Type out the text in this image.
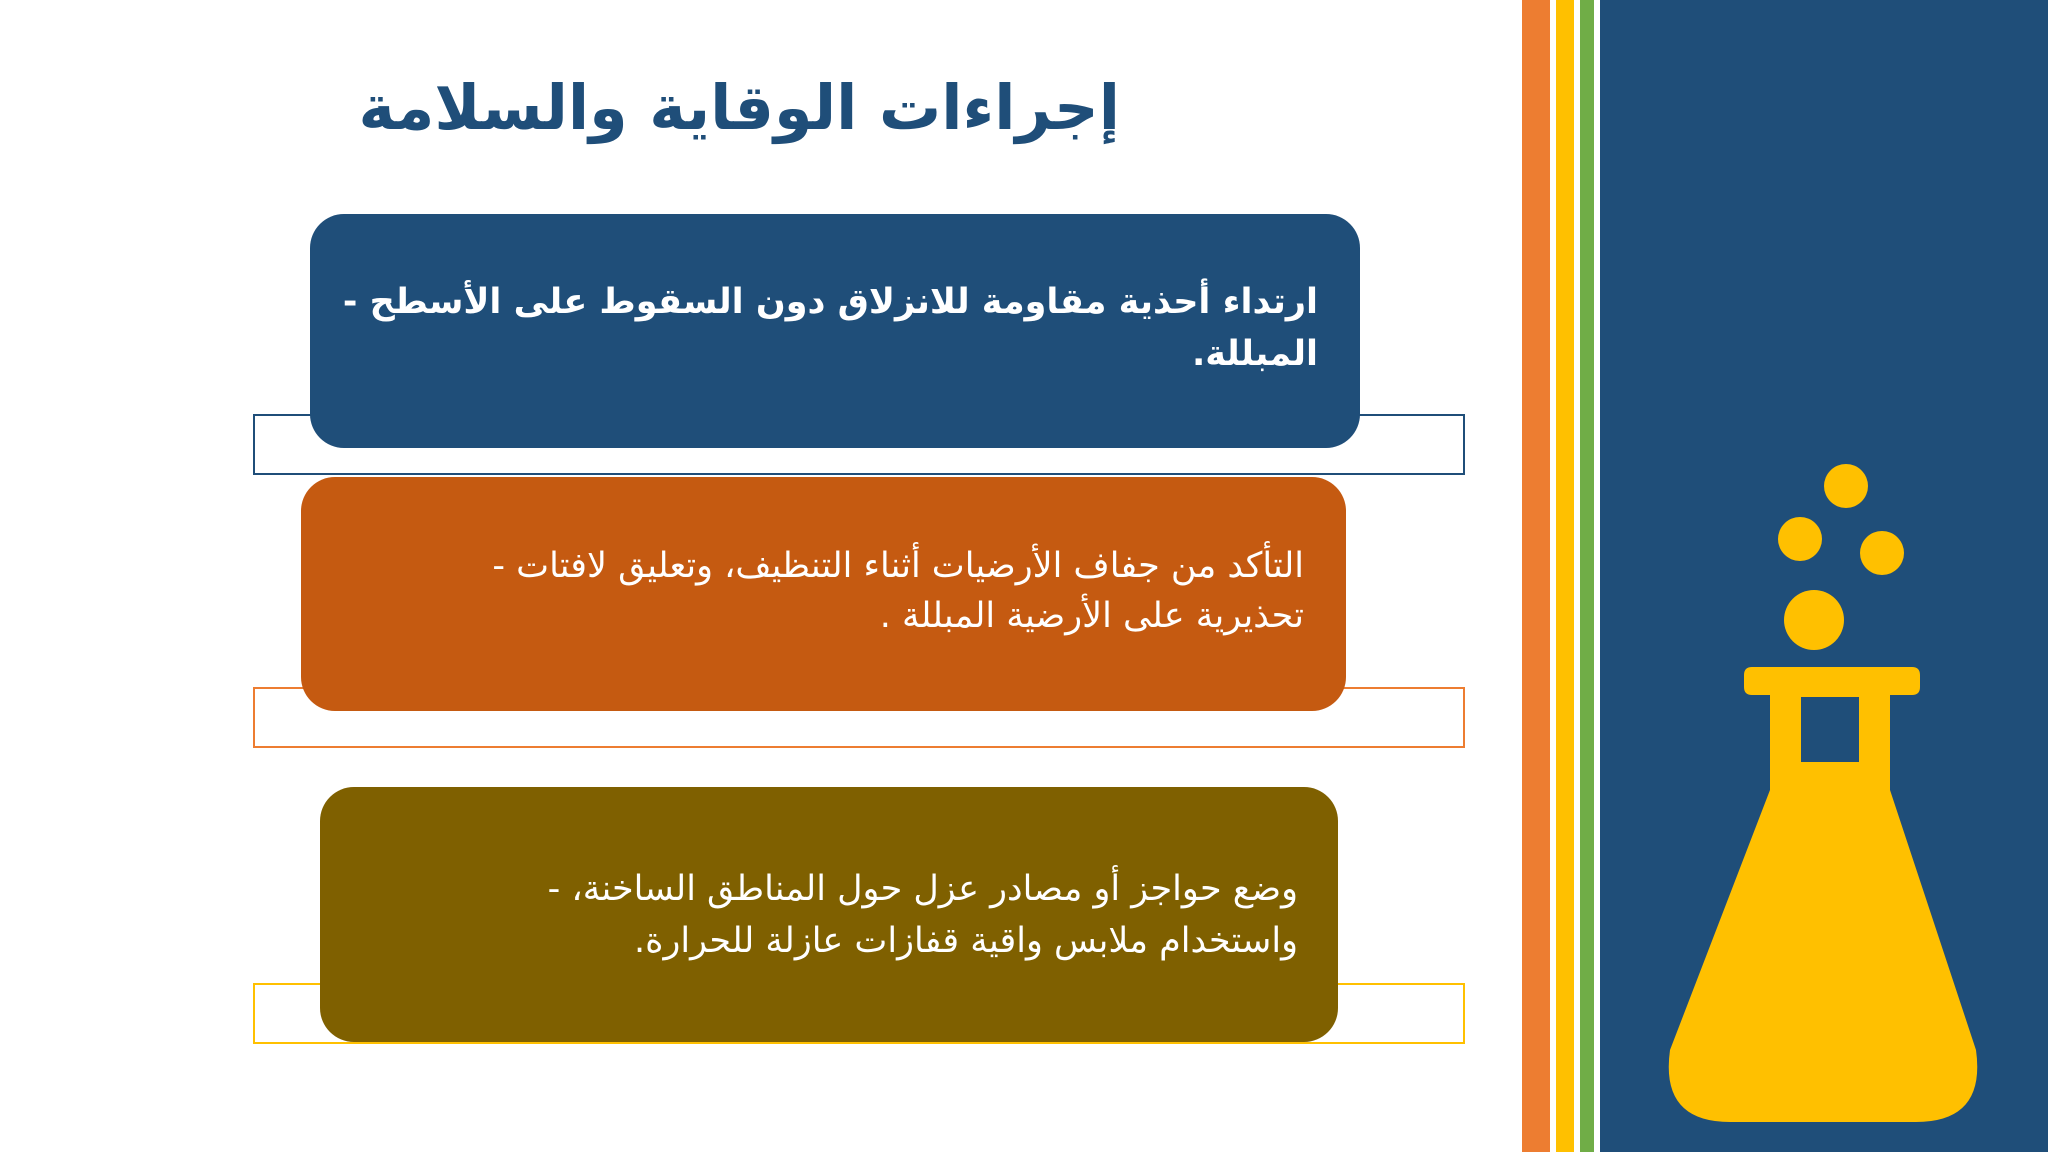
إجراءات الوقاية والسلامة
ارتداء أحذية مقاومة للانزلاق دون السقوط على الأسطح -
المبللة.
التأكد من جفاف الأرضيات أثناء التنظيف، وتعليق لافتات -
تحذيرية على الأرضية المبللة .
وضع حواجز أو مصادر عزل حول المناطق الساخنة، -
واستخدام ملابس واقية قفازات عازلة للحرارة.
